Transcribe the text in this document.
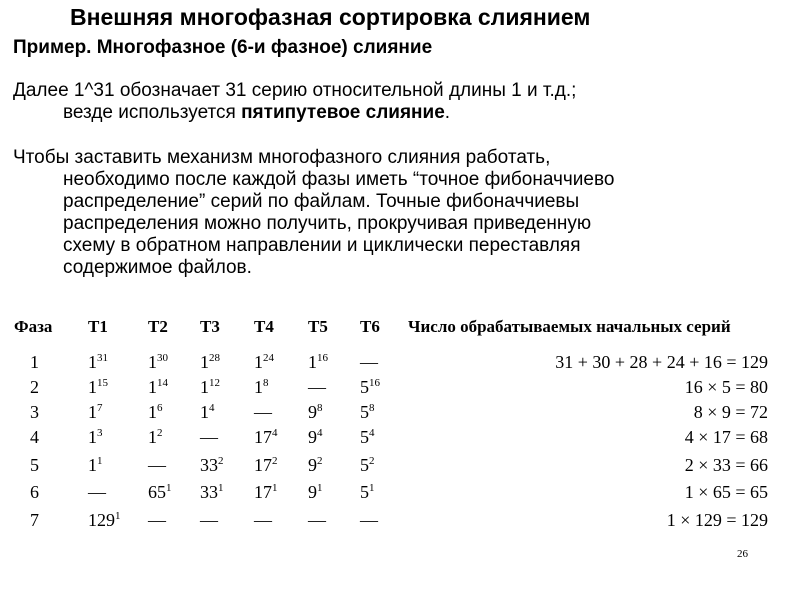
Внешняя многофазная сортировка слиянием
Пример. Многофазное (6-и фазное) слияние
Далее 1^31 обозначает 31 серию относительной длины 1 и т.д.;
везде используется пятипутевое слияние.
Чтобы заставить механизм многофазного слияния работать,
необходимо после каждой фазы иметь “точное фибоначчиево
распределение” серий по файлам. Точные фибоначчиевы
распределения можно получить, прокручивая приведенную
схему в обратном направлении и циклически переставляя
содержимое файлов.
Фаза T1 T2 T3 T4 T5 T6 Число обрабатываемых начальных серий
1	$1^{31}$ $1^{30}$ $1^{28}$ $1^{24}$ $1^{16}$ —	31 + 30 + 28 + 24 + 16 = 129
2	$1^{15}$ $1^{14}$ $1^{12}$ $1^8$ — $5^{16}$	16 × 5 = 80
3	$1^7$	$1^6$ $1^4$ — $9^8$ $5^8$	8 × 9 = 72
4	$1^3$	$1^2$ — $17^4$ $9^4$ $5^4$	4 × 17 = 68
5	$1^1$	— $33^2$ $17^2$ $9^2$ $5^2$	2 × 33 = 66
6	— $65^1$ $33^1$ $17^1$ $9^1$ $5^1$	1 × 65 = 65
7	$129^1$ — — — — —	1 × 129 = 129
26
